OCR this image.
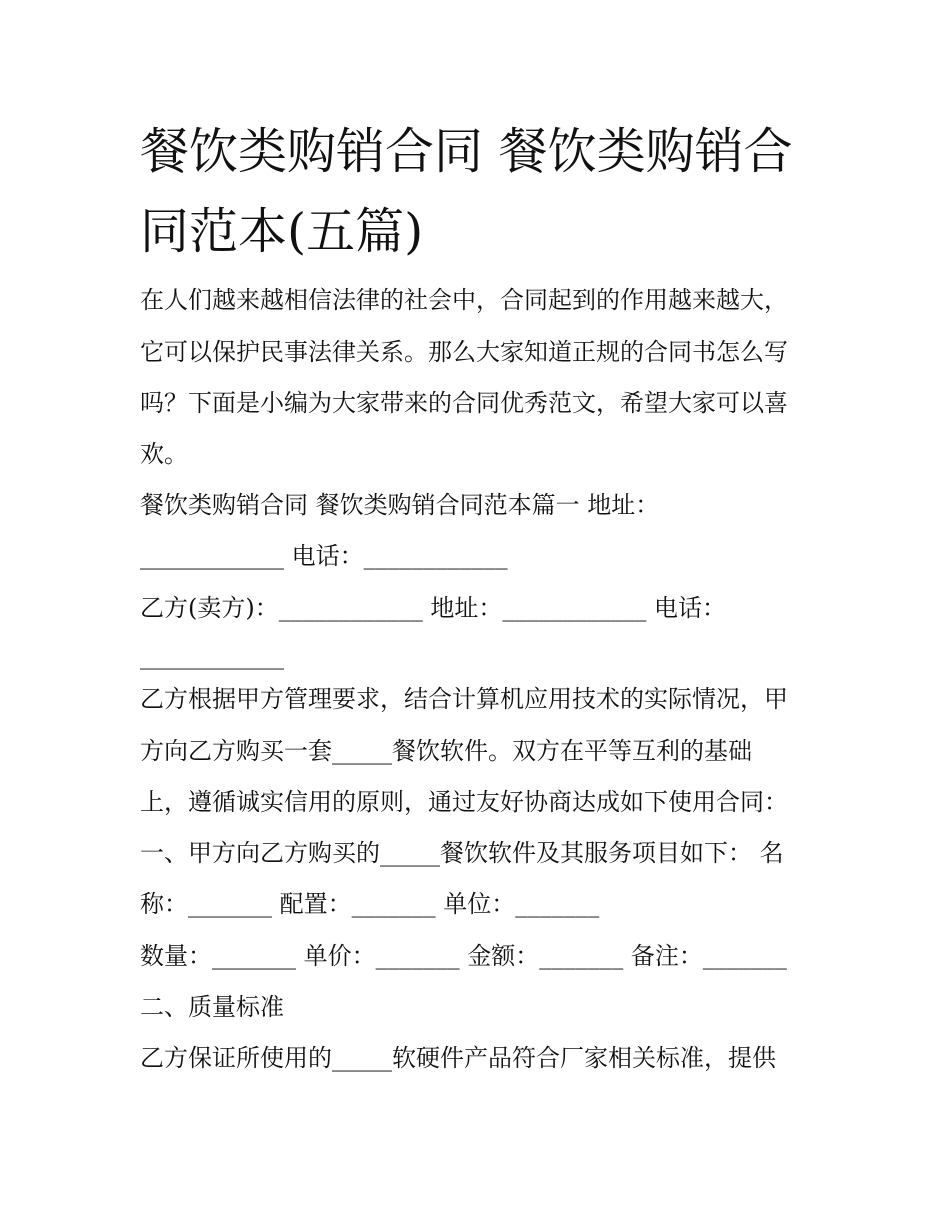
餐饮类购销合同 餐饮类购销合同范本(五篇)

在人们越来越相信法律的社会中，合同起到的作用越来越大，

它可以保护民事法律关系。那么大家知道正规的合同书怎么写

吗？下面是小编为大家带来的合同优秀范文，希望大家可以喜

欢。

餐饮类购销合同 餐饮类购销合同范本篇一 地址：

____________ 电话：____________

乙方(卖方)：____________ 地址：____________ 电话：

____________

乙方根据甲方管理要求，结合计算机应用技术的实际情况，甲

方向乙方购买一套_____餐饮软件。双方在平等互利的基础

上，遵循诚实信用的原则，通过友好协商达成如下使用合同：

一、甲方向乙方购买的_____餐饮软件及其服务项目如下： 名

称：_______ 配置：_______ 单位：_______

数量：_______ 单价：_______ 金额：_______ 备注：_______

二、质量标准

乙方保证所使用的_____软硬件产品符合厂家相关标准，提供
